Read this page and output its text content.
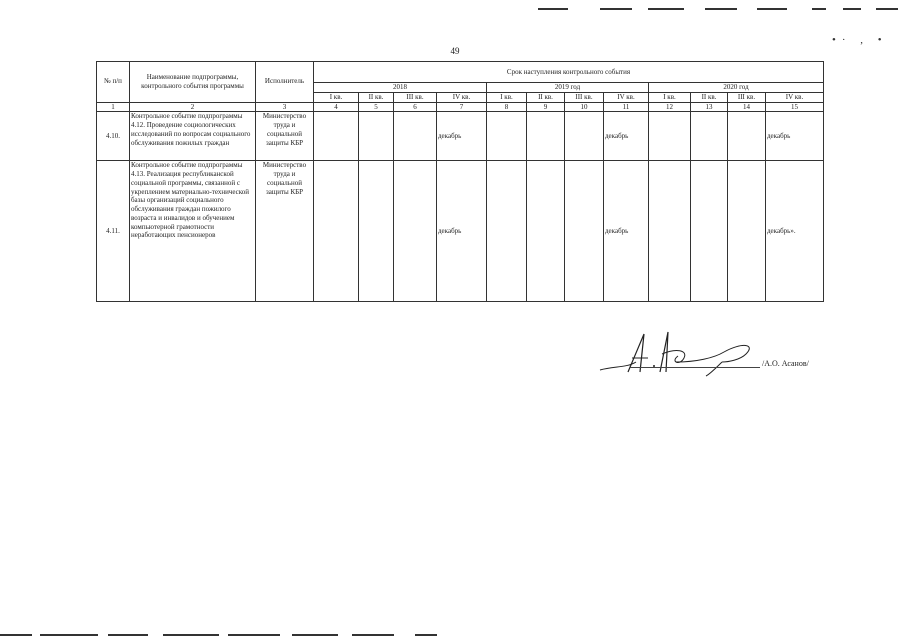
•· , •
49
№ п/п	Наименование подпрограммы, контрольного события программы	Исполнитель	Срок наступления контрольного события											
			2018				2019 год				2020 год			
			I кв.	II кв.	III кв.	IV кв.	I кв.	II кв.	III кв.	IV кв.	I кв.	II кв.	III кв.	IV кв.
1	2	3	4	5	6	7	8	9	10	11	12	13	14	15
4.10.	Контрольное событие подпрограммы 4.12. Проведение социологических исследований по вопросам социального обслуживания пожилых граждан	Министерство труда и социальной защиты КБР				декабрь				декабрь				декабрь
4.11.	Контрольное событие подпрограммы 4.13. Реализация республиканской социальной программы, связанной с укреплением материально-технической базы организаций социального обслуживания граждан пожилого возраста и инвалидов и обучением компьютерной грамотности неработающих пенсионеров	Министерство труда и социальной защиты КБР				декабрь				декабрь				декабрь».
/А.О. Асанов/
